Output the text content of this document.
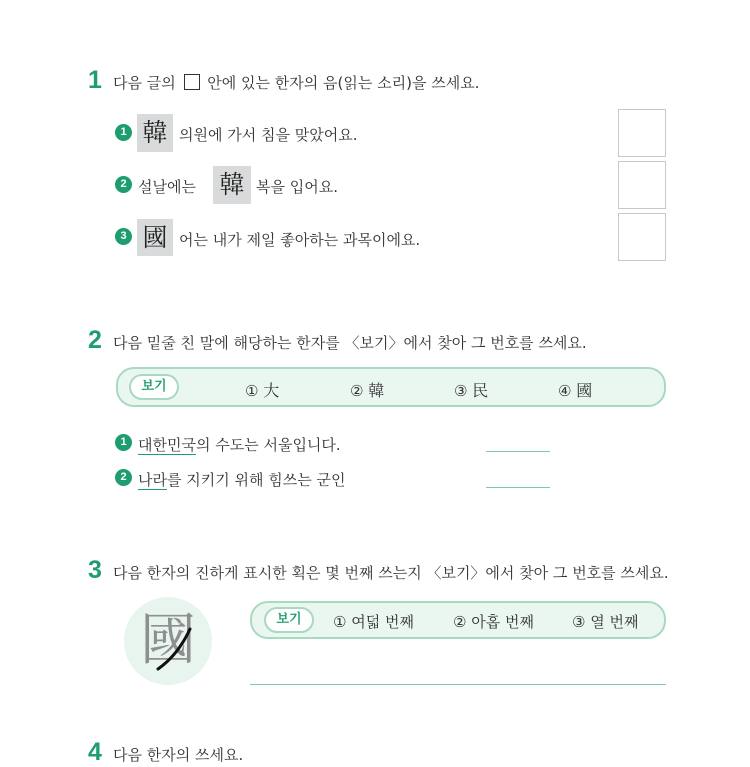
1 다음 글의 안에 있는 한자의 음(읽는 소리)을 쓰세요.
1 韓 의원에 가서 침을 맞았어요.
2 설날에는 韓 복을 입어요.
3 國 어는 내가 제일 좋아하는 과목이에요.
2 다음 밑줄 친 말에 해당하는 한자를 〈보기〉에서 찾아 그 번호를 쓰세요.
보기	① 大	② 韓	③ 民	④ 國
1 대한민국의 수도는 서울입니다.
2 나라를 지키기 위해 힘쓰는 군인
3 다음 한자의 진하게 표시한 획은 몇 번째 쓰는지 〈보기〉에서 찾아 그 번호를 쓰세요.
國	보기	① 여덟 번째	② 아홉 번째	③ 열 번째
4 다음 한자의 쓰세요.
